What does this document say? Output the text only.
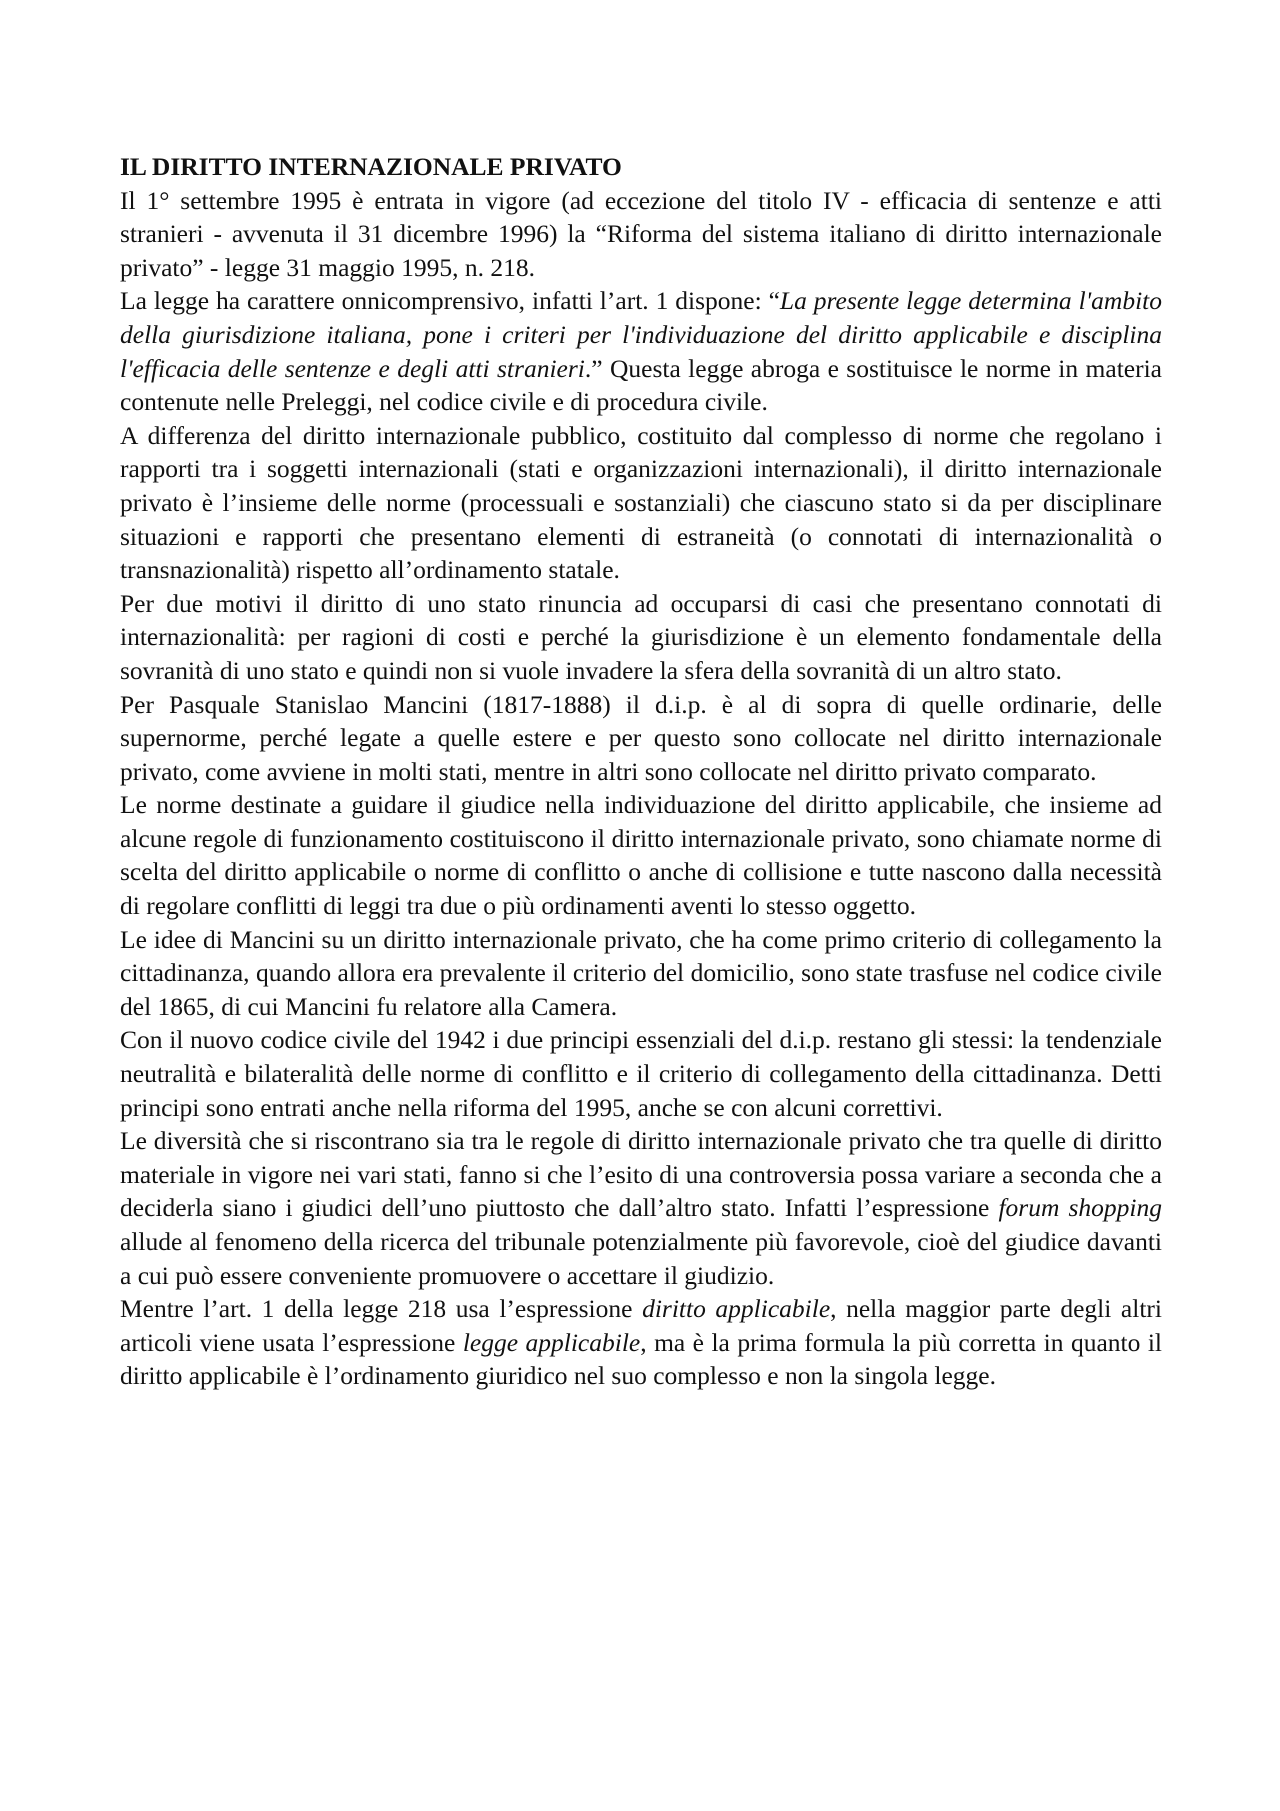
IL DIRITTO INTERNAZIONALE PRIVATO

Il 1° settembre 1995 è entrata in vigore (ad eccezione del titolo IV - efficacia di sentenze e atti stranieri - avvenuta il 31 dicembre 1996) la “Riforma del sistema italiano di diritto internazionale privato” - legge 31 maggio 1995, n. 218.

La legge ha carattere onnicomprensivo, infatti l’art. 1 dispone: “La presente legge determina l'ambito della giurisdizione italiana, pone i criteri per l'individuazione del diritto applicabile e disciplina l'efficacia delle sentenze e degli atti stranieri.” Questa legge abroga e sostituisce le norme in materia contenute nelle Preleggi, nel codice civile e di procedura civile.

A differenza del diritto internazionale pubblico, costituito dal complesso di norme che regolano i rapporti tra i soggetti internazionali (stati e organizzazioni internazionali), il diritto internazionale privato è l’insieme delle norme (processuali e sostanziali) che ciascuno stato si da per disciplinare situazioni e rapporti che presentano elementi di estraneità (o connotati di internazionalità o transnazionalità) rispetto all’ordinamento statale.

Per due motivi il diritto di uno stato rinuncia ad occuparsi di casi che presentano connotati di internazionalità: per ragioni di costi e perché la giurisdizione è un elemento fondamentale della sovranità di uno stato e quindi non si vuole invadere la sfera della sovranità di un altro stato.

Per Pasquale Stanislao Mancini (1817-1888) il d.i.p. è al di sopra di quelle ordinarie, delle supernorme, perché legate a quelle estere e per questo sono collocate nel diritto internazionale privato, come avviene in molti stati, mentre in altri sono collocate nel diritto privato comparato.

Le norme destinate a guidare il giudice nella individuazione del diritto applicabile, che insieme ad alcune regole di funzionamento costituiscono il diritto internazionale privato, sono chiamate norme di scelta del diritto applicabile o norme di conflitto o anche di collisione e tutte nascono dalla necessità di regolare conflitti di leggi tra due o più ordinamenti aventi lo stesso oggetto.

Le idee di Mancini su un diritto internazionale privato, che ha come primo criterio di collegamento la cittadinanza, quando allora era prevalente il criterio del domicilio, sono state trasfuse nel codice civile del 1865, di cui Mancini fu relatore alla Camera.

Con il nuovo codice civile del 1942 i due principi essenziali del d.i.p. restano gli stessi: la tendenziale neutralità e bilateralità delle norme di conflitto e il criterio di collegamento della cittadinanza. Detti principi sono entrati anche nella riforma del 1995, anche se con alcuni correttivi.

Le diversità che si riscontrano sia tra le regole di diritto internazionale privato che tra quelle di diritto materiale in vigore nei vari stati, fanno si che l’esito di una controversia possa variare a seconda che a deciderla siano i giudici dell’uno piuttosto che dall’altro stato. Infatti l’espressione forum shopping allude al fenomeno della ricerca del tribunale potenzialmente più favorevole, cioè del giudice davanti a cui può essere conveniente promuovere o accettare il giudizio.

Mentre l’art. 1 della legge 218 usa l’espressione diritto applicabile, nella maggior parte degli altri articoli viene usata l’espressione legge applicabile, ma è la prima formula la più corretta in quanto il diritto applicabile è l’ordinamento giuridico nel suo complesso e non la singola legge.
